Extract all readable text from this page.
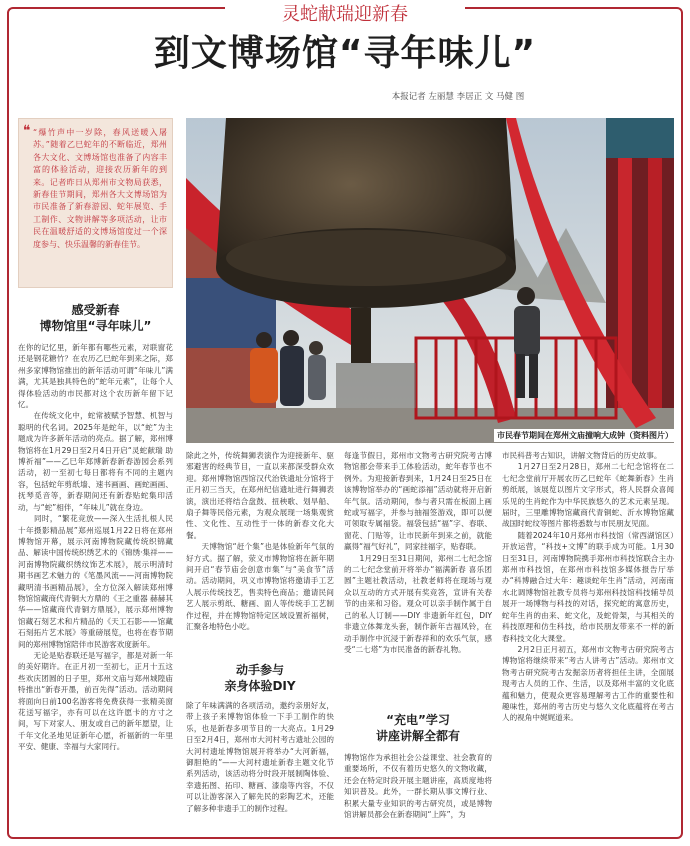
灵蛇献瑞迎新春
到文博场馆“寻年味儿”
本报记者 左丽慧 李居正 文 马健 图
❝ “爆竹声中一岁除，春风送暖入屠苏。”随着乙巳蛇年的不断临近，郑州各大文化、文博场馆也准备了内容丰富的体验活动，迎接农历新年的到来。记者昨日从郑州市文物局获悉，新春佳节期间，郑州各大文博场馆为市民准备了新春游园、蛇年展览、手工制作、文物讲解等多项活动，让市民在温暖舒适的文博场馆度过一个深度参与、快乐温馨的新春佳节。

感受新春
博物馆里“寻年味儿”
在你的记忆里，新年都有哪些元素，对联窗花还是钢花糖竹？在农历乙巳蛇年到来之际，郑州多家博物馆推出的新年活动可谓“年味儿”满满，尤其是独具特色的“蛇年元素”，让每个人得体验活动的市民都对这个农历新年留下记忆。
　　在传统文化中，蛇常被赋予智慧、机智与聪明的代名词。2025年是蛇年，以“蛇”为主题成为许多新年活动的亮点。据了解，郑州博物馆将在1月29日至2月4日开启“灵蛇献瑞 助博祈福”——乙巳年郑博新春新春游园会系列活动，初一至初七每日都将有不同的主题内容，包括蛇年剪纸墙、速书画画、画蛇画画、抚琴觅音等，新春期间还有新春贴蛇集印活动，与“蛇”相伴，“年味儿”就在身边。
　　同时，“繁花竞放——深入生活扎根人民十年摄影精品展”郑州巡展1月22日将在郑州博物馆开幕，展示河南博物院藏传统织锦藏品、解读中国传统织绣艺术的《锦绣·集祥——河南博物院藏织绣纹饰艺术展》，展示明清时期书画艺术魅力的《笔墨风流——河南博物院藏明清书画精品展》，全方位深入解读郑州博物馆馆藏商代青铜大方鼎的《王之重器 赫赫其华——馆藏商代青铜方鼎展》，展示郑州博物馆藏石刻艺术和片精品的《天工石影——馆藏石刻拓片艺术展》等重磅展览，也将在春节期间的郑州博物馆陪伴市民游客欢度新年。
　　无论是贴春联还是写福字，都是对新一年的美好期许。在正月初一至初七，正月十五这些欢庆团圆的日子里，郑州文庙与郑州城隍庙特推出“新春开墨，前百先得”活动。活动期间将面向日前100名游客将免费获得一张精美窗花送写福字，亦有可以在这许愿卡的方寸之间，写下对家人、朋友或自己的新年愿望，让千年文化圣地见证新年心愿，祈福新的一年里平安、健康、幸福与大家同行。
市民春节期间在郑州文庙撞响大成钟（资料图片）
除此之外，传统舞狮表演作为迎接新年、驱邪避害的经典节目，一直以来都深受群众欢迎。郑州博物馆西馆汉代治铁遗址分馆将于正月初三当天，在郑州纪信遗址进行舞狮表演，演出还将结合盘鼓、扭秧歌、划旱船、扇子舞等民俗元素，为观众展现一场集观赏性、文化性、互动性于一体的新春文化大餐。
　　天博物馆“赶个集”也是体验新年气氛的好方式。据了解，荥义市博物馆将在新年期间开启“春节庙会创意市集”与“美食节”活动。活动期间，巩义市博物馆将邀请手工艺人展示传统技艺，售卖特色商品；邀请民间艺人展示剪纸、糖画、面人等传统手工艺制作过程，并在博物馆特定区域设置祈福树，汇聚各地特色小吃。
动手参与
亲身体验DIY
除了年味满满的各项活动，邀约亲朋好友，带上孩子来博物馆体验一下手工制作的快乐，也是新春多项节目的一大亮点。1月29日至2月4日，郑州市大河村考古遗址公园的大河村遗址博物馆展开将举办“大河新福，御胆艳的”——大河村遗址新春主题文化节系列活动，该活动将分时段开展制陶体验、幸遗拓图、拓印、糖画、漆扇等内容，不仅可以让游客深入了解先民的彩陶艺术，还能了解多种非遗手工的制作过程。
每逢节假日，郑州市文物考古研究院考古博物馆都会带来手工体验活动，蛇年春节也不例外。为迎接新春到来，1月24日至25日在该博物馆举办的“画蛇添福”活动就将开启新年气氛。活动期间，参与者只需在板面上画蛇或写福字，并参与抽福签游戏，即可以便可领取专属福袋。福袋包括“福”字、春联、窗花、门贴等，让市民新年到来之前，就能赢得“福气好礼”，同家挂福字，贴春联。
　　1月29日至31日期间，郑州二七纪念馆的二七纪念堂前开将举办“福满新春 喜乐团圆”主题社教活动，社教老师将在现场与观众以互动的方式开展有奖竞答，宣讲有关春节的由来和习俗。观众可以亲手制作属于自己的私人订制——DIY 非遗新年红包，DIY非遗立体舞龙头套，制作新年吉福风铃，在动手制作中沉浸于新春祥和的欢乐气氛，感受“二七塔”为市民准备的新春礼物。
“充电”学习
讲座讲解全都有
博物馆作为承担社会公益课堂、社会教育的重要场所，不仅有着历史悠久的文物收藏，还会在特定时段开展主题讲座，高质度地将知识普及。此外，一群长期从事文博行业、积累大量专业知识的考古研究员，或是博物馆讲解员都会在新春期间“上阵”，为
市民科普考古知识，讲解文物背后的历史故事。
　　1月27日至2月28日，郑州二七纪念馆将在二七纪念堂前厅开展农历乙巳蛇年《蛇舞新春》生肖剪纸展，该展览以图片文字形式，将人民群众喜闻乐见的生肖蛇作为中华民族悠久的艺术元素呈现。届时，三里雕博物馆藏商代青铜蛇、沂水博物馆藏战国时蛇纹等图片都将悉数与市民朋友见面。
　　随着2024年10月郑州市科技馆（常西湖馆区）开放运营，“科技+文博”的联手成为可能。1月30日至31日，河南博物院携手郑州市科技馆联合主办郑州市科技馆，在郑州市科技馆多媒体报告厅举办“科博融合过大年：趣谈蛇年生肖”活动，河南南水北调博物馆社教专员将与郑州科技馆科技辅导员展开一场博物与科技的对话，探究蛇的寓意历史，蛇年生肖的由来、蛇文化，及蛇骨架，与其相关的科技原理和仿生科技，给市民朋友带来不一样的新春科技文化大课堂。
　　2月2日正月初五，郑州市文物考古研究院考古博物馆将继续带来“考古人讲考古”活动。郑州市文物考古研究院考古发掘亲历者将担任主讲，全面展现考古人员的工作、生活，以及郑州丰富的文化底蕴和魅力，使观众更容易理解考古工作的重要性和趣味性，郑州的考古历史与悠久文化底蕴将在考古人的视角中娓娓道来。
